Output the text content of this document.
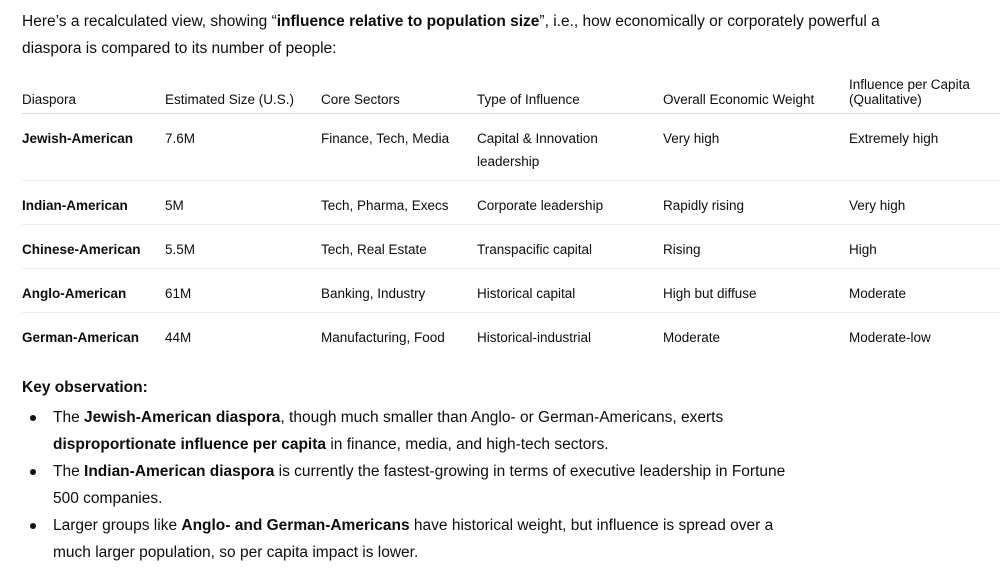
Here’s a recalculated view, showing “influence relative to population size”, i.e., how economically or corporately powerful a diaspora is compared to its number of people:

Diaspora	Estimated Size (U.S.)	Core Sectors	Type of Influence	Overall Economic Weight	Influence per Capita (Qualitative)
Jewish-American	7.6M	Finance, Tech, Media	Capital & Innovation leadership	Very high	Extremely high
Indian-American	5M	Tech, Pharma, Execs	Corporate leadership	Rapidly rising	Very high
Chinese-American	5.5M	Tech, Real Estate	Transpacific capital	Rising	High
Anglo-American	61M	Banking, Industry	Historical capital	High but diffuse	Moderate
German-American	44M	Manufacturing, Food	Historical-industrial	Moderate	Moderate-low
Key observation:
The Jewish-American diaspora, though much smaller than Anglo- or German-Americans, exerts disproportionate influence per capita in finance, media, and high-tech sectors.
The Indian-American diaspora is currently the fastest-growing in terms of executive leadership in Fortune 500 companies.
Larger groups like Anglo- and German-Americans have historical weight, but influence is spread over a much larger population, so per capita impact is lower.
